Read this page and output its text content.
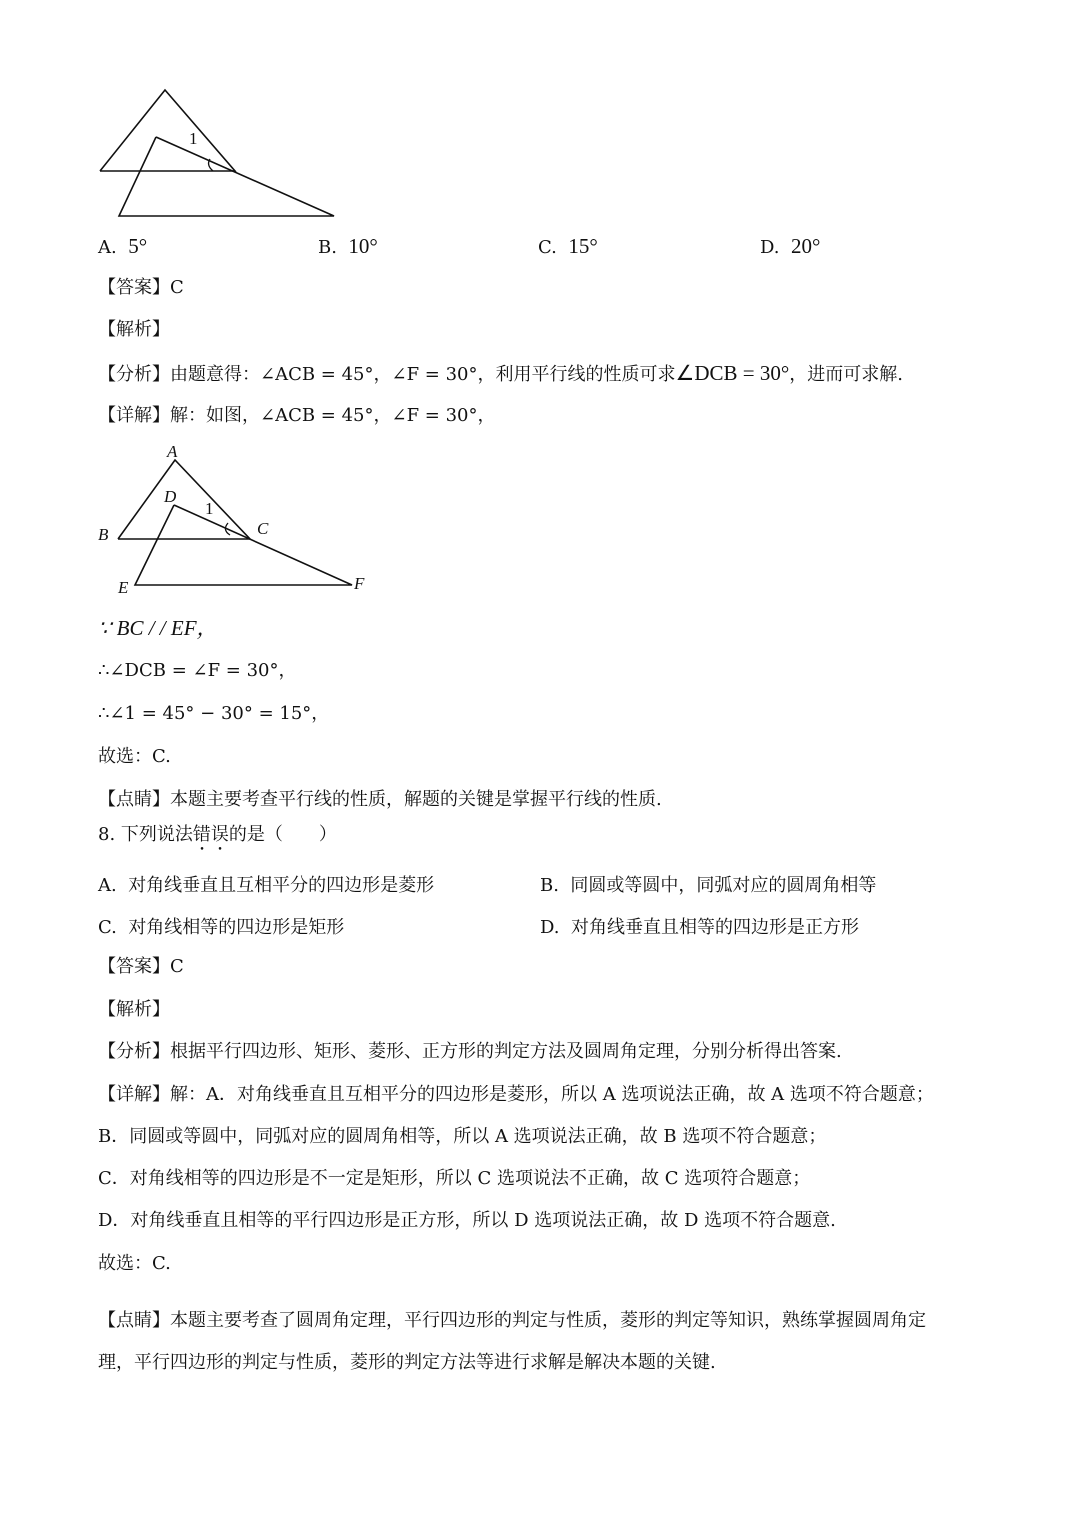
1
A. 5°	B. 10°	C. 15°	D. 20°
【答案】C
【解析】
【分析】由题意得：∠ACB = 45°，∠F = 30°，利用平行线的性质可求∠DCB = 30°，进而可求解.
【详解】解：如图，∠ACB = 45°，∠F = 30°，
A
D
1
B	C
E	F
∵ BC / / EF，
∴∠DCB = ∠F = 30°，
∴∠1 = 45° − 30° = 15°，
故选：C.
【点睛】本题主要考查平行线的性质，解题的关键是掌握平行线的性质.
8. 下列说法错误的是（　　）
A. 对角线垂直且互相平分的四边形是菱形	B. 同圆或等圆中，同弧对应的圆周角相等
C. 对角线相等的四边形是矩形	D. 对角线垂直且相等的四边形是正方形
【答案】C
【解析】
【分析】根据平行四边形、矩形、菱形、正方形的判定方法及圆周角定理，分别分析得出答案.
【详解】解：A．对角线垂直且互相平分的四边形是菱形，所以 A 选项说法正确，故 A 选项不符合题意；
B．同圆或等圆中，同弧对应的圆周角相等，所以 A 选项说法正确，故 B 选项不符合题意；
C．对角线相等的四边形是不一定是矩形，所以 C 选项说法不正确，故 C 选项符合题意；
D．对角线垂直且相等的平行四边形是正方形，所以 D 选项说法正确，故 D 选项不符合题意.
故选：C.
【点睛】本题主要考查了圆周角定理，平行四边形的判定与性质，菱形的判定等知识，熟练掌握圆周角定
理，平行四边形的判定与性质，菱形的判定方法等进行求解是解决本题的关键.
